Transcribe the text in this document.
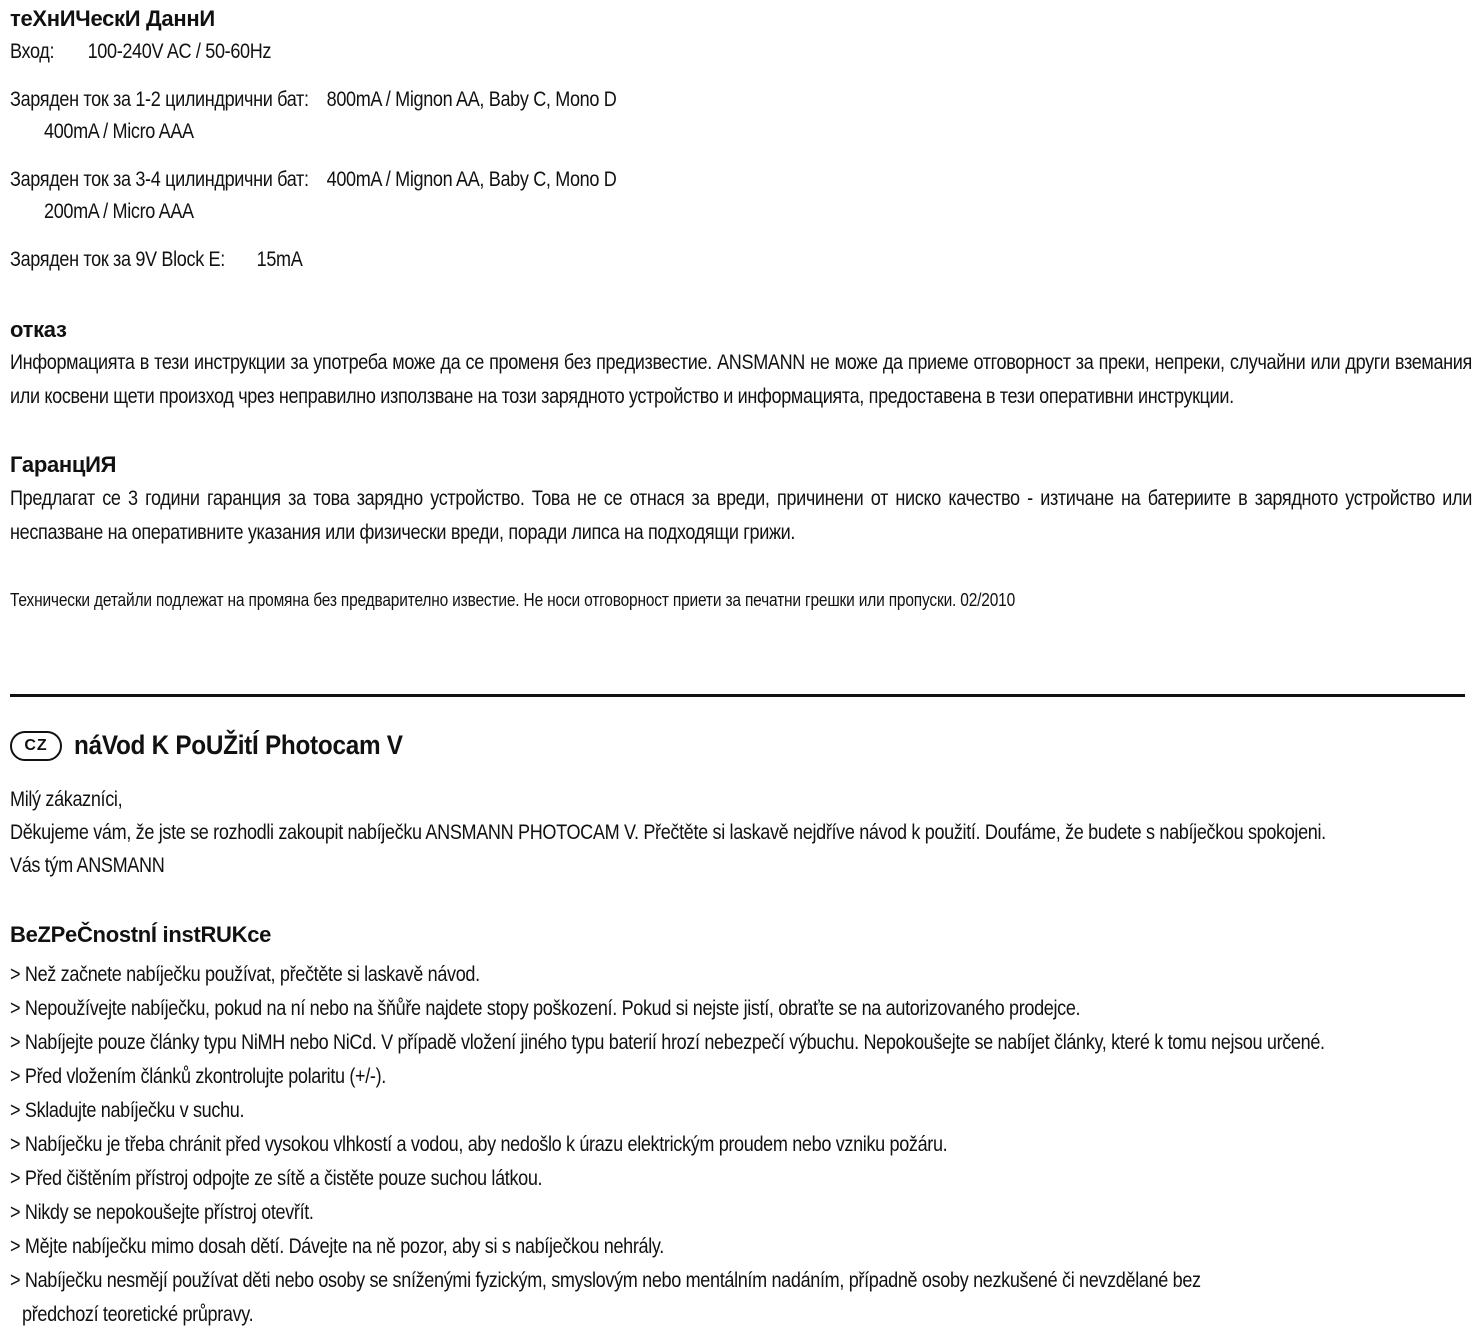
теХнИЧескИ ДаннИ

Вход: 100-240V AC / 50-60Hz

Заряден ток за 1-2 цилиндрични бат: 800mA / Mignon AA, Baby C, Mono D

400mA / Micro AAA

Заряден ток за 3-4 цилиндрични бат: 400mA / Mignon AA, Baby C, Mono D

200mA / Micro AAA

Заряден ток за 9V Block E: 15mA

отказ

Информацията в тези инструкции за употреба може да се променя без предизвестие. ANSMANN не може да приеме отговорност за преки, непреки, случайни или други вземания или косвени щети произход чрез неправилно използване на този зарядното устройство и информацията, предоставена в тези оперативни инструкции.

ГаранцИЯ

Предлагат се 3 години гаранция за това зарядно устройство. Това не се отнася за вреди, причинени от ниско качество - изтичане на батериите в зарядното устройство или неспазване на оперативните указания или физически вреди, поради липса на подходящи грижи.

Технически детайли подлежат на промяна без предварително известие. Не носи отговорност приети за печатни грешки или пропуски. 02/2010

CZ náVod K PoUŽitÍ Photocam V

Milý zákazníci,

Děkujeme vám, že jste se rozhodli zakoupit nabíječku ANSMANN PHOTOCAM V. Přečtěte si laskavě nejdříve návod k použití. Doufáme, že budete s nabíječkou spokojeni.

Vás tým ANSMANN

BeZPeČnostnÍ instRUKce
> Než začnete nabíječku používat, přečtěte si laskavě návod.
> Nepoužívejte nabíječku, pokud na ní nebo na šňůře najdete stopy poškození. Pokud si nejste jistí, obraťte se na autorizovaného prodejce.
> Nabíjejte pouze články typu NiMH nebo NiCd. V případě vložení jiného typu baterií hrozí nebezpečí výbuchu. Nepokoušejte se nabíjet články, které k tomu nejsou určené.
> Před vložením článků zkontrolujte polaritu (+/-).
> Skladujte nabíječku v suchu.
> Nabíječku je třeba chránit před vysokou vlhkostí a vodou, aby nedošlo k úrazu elektrickým proudem nebo vzniku požáru.
> Před čištěním přístroj odpojte ze sítě a čistěte pouze suchou látkou.
> Nikdy se nepokoušejte přístroj otevřít.
> Mějte nabíječku mimo dosah dětí. Dávejte na ně pozor, aby si s nabíječkou nehrály.
> Nabíječku nesmějí používat děti nebo osoby se sníženými fyzickým, smyslovým nebo mentálním nadáním, případně osoby nezkušené či nevzdělané bez
předchozí teoretické průpravy.
